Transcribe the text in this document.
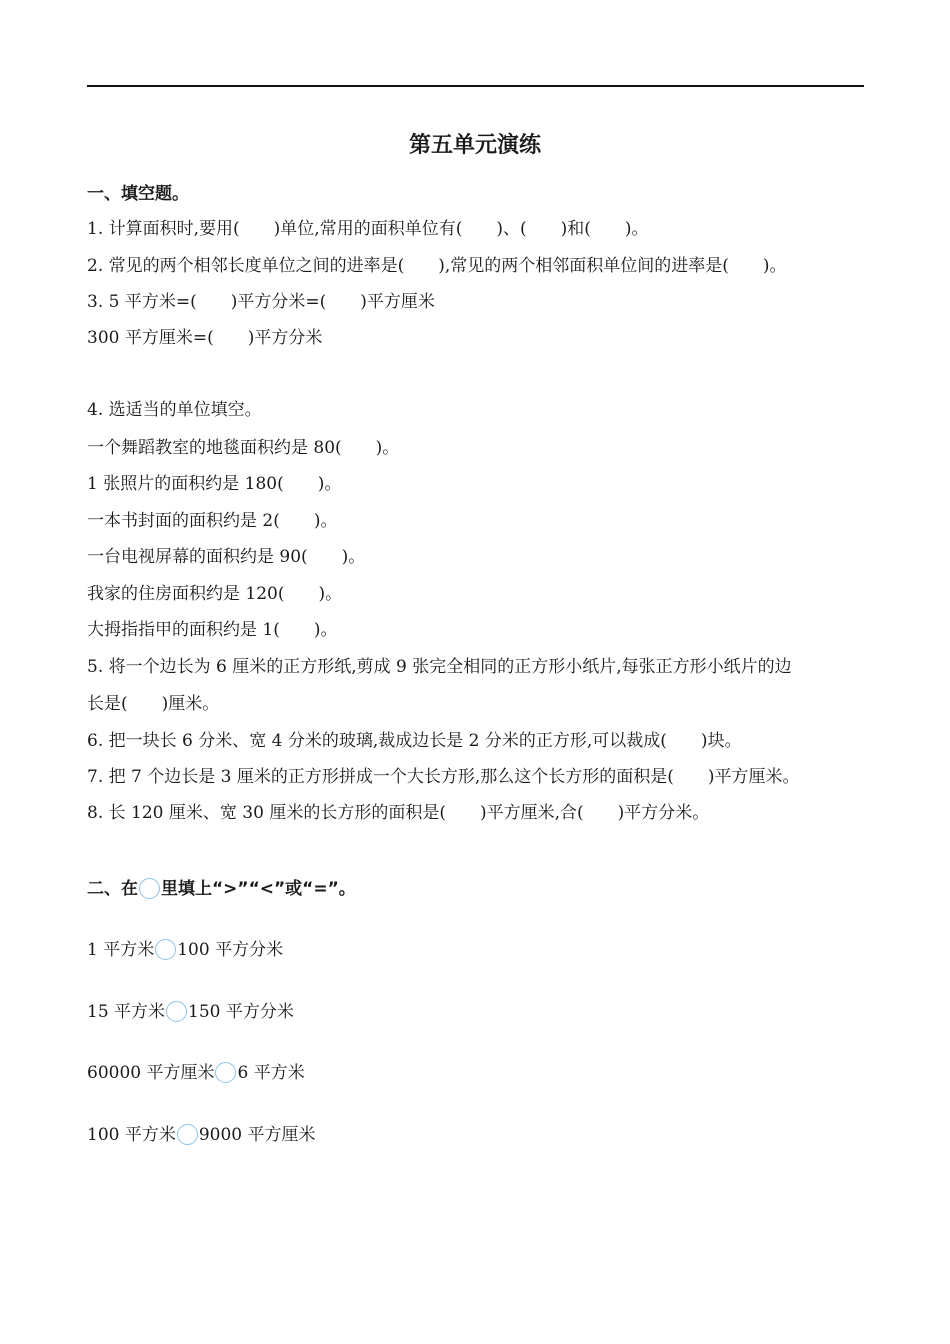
第五单元演练
一、填空题。
1. 计算面积时,要用(　　)单位,常用的面积单位有(　　)、(　　)和(　　)。
2. 常见的两个相邻长度单位之间的进率是(　　),常见的两个相邻面积单位间的进率是(　　)。
3. 5 平方米=(　　)平方分米=(　　)平方厘米
300 平方厘米=(　　)平方分米
4. 选适当的单位填空。
一个舞蹈教室的地毯面积约是 80(　　)。
1 张照片的面积约是 180(　　)。
一本书封面的面积约是 2(　　)。
一台电视屏幕的面积约是 90(　　)。
我家的住房面积约是 120(　　)。
大拇指指甲的面积约是 1(　　)。
5. 将一个边长为 6 厘米的正方形纸,剪成 9 张完全相同的正方形小纸片,每张正方形小纸片的边
长是(　　)厘米。
6. 把一块长 6 分米、宽 4 分米的玻璃,裁成边长是 2 分米的正方形,可以裁成(　　)块。
7. 把 7 个边长是 3 厘米的正方形拼成一个大长方形,那么这个长方形的面积是(　　)平方厘米。
8. 长 120 厘米、宽 30 厘米的长方形的面积是(　　)平方厘米,合(　　)平方分米。
二、在 里填上“>”“<”或“=”。
1 平方米 100 平方分米
15 平方米 150 平方分米
60000 平方厘米 6 平方米
100 平方米 9000 平方厘米
